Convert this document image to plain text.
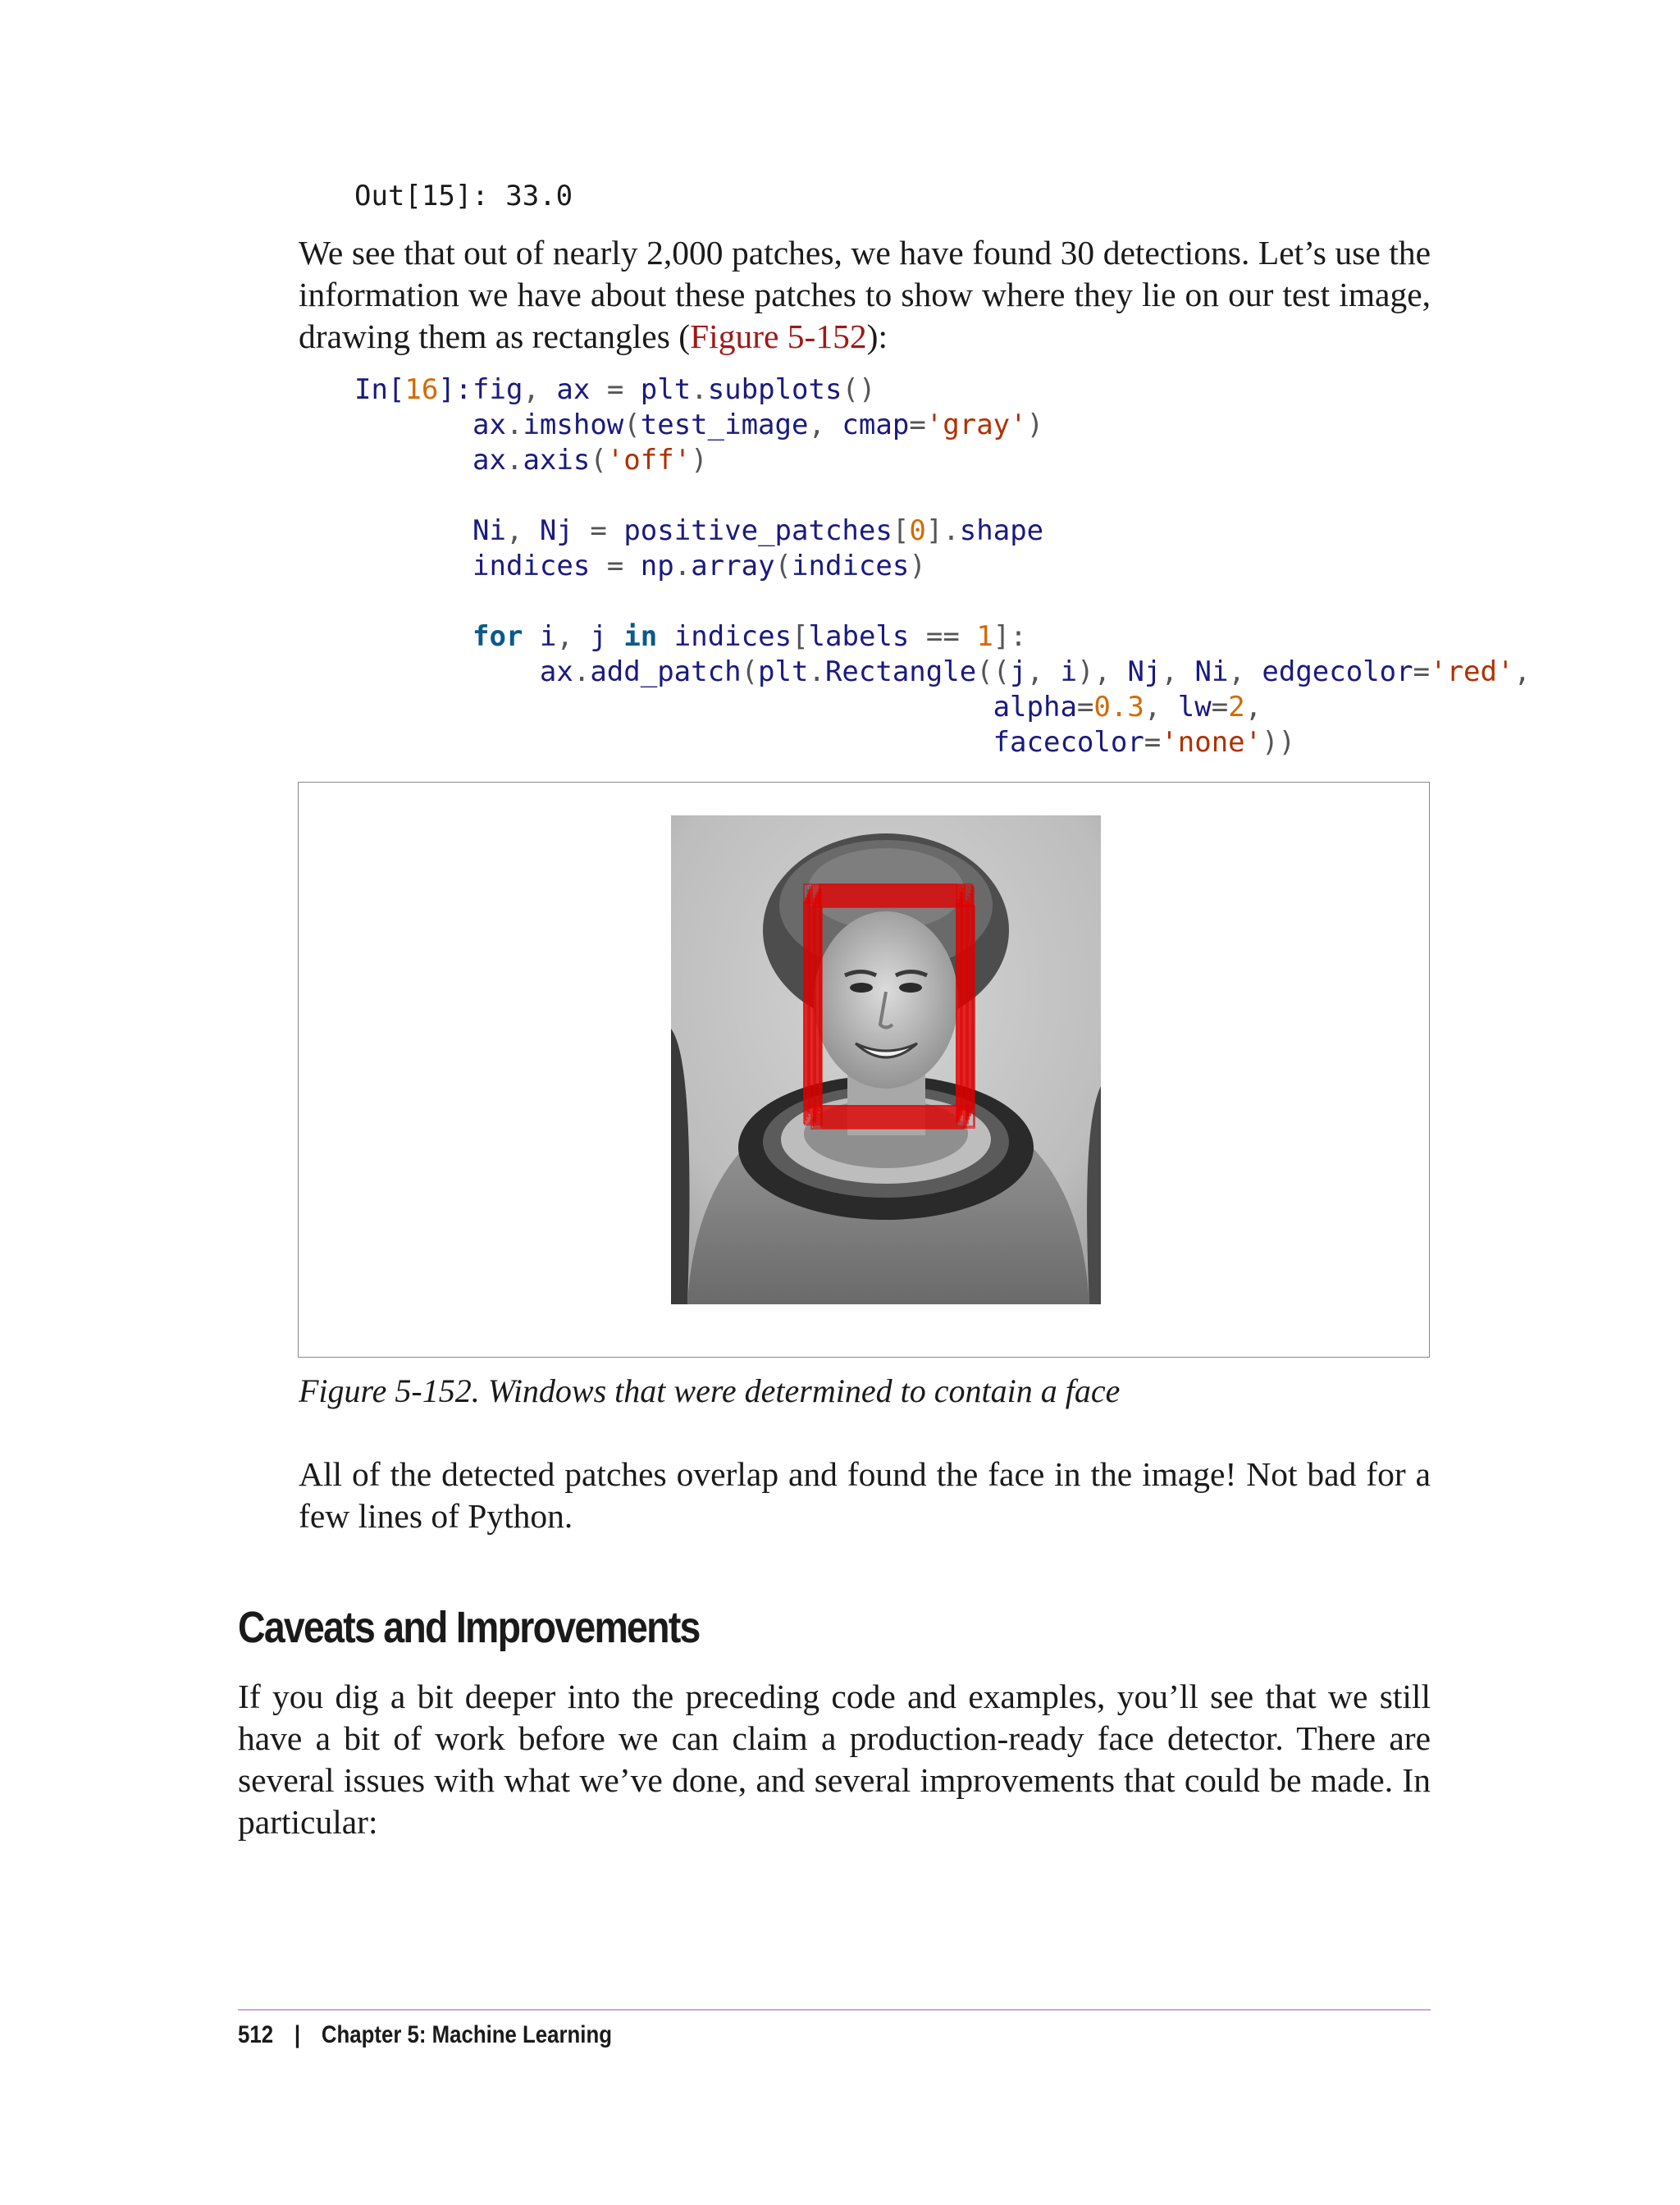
Out[15]: 33.0

We see that out of nearly 2,000 patches, we have found 30 detections. Let’s use the information we have about these patches to show where they lie on our test image, drawing them as rectangles (Figure 5-152):

In[16]: fig, ax = plt.subplots()
ax.imshow(test_image, cmap='gray')
ax.axis('off')

Ni, Nj = positive_patches[0].shape
indices = np.array(indices)

for i, j in indices[labels == 1]:
ax.add_patch(plt.Rectangle((j, i), Nj, Ni, edgecolor='red',
alpha=0.3, lw=2,
facecolor='none'))
Figure 5-152. Windows that were determined to contain a face

All of the detected patches overlap and found the face in the image! Not bad for a few lines of Python.

Caveats and Improvements

If you dig a bit deeper into the preceding code and examples, you’ll see that we still have a bit of work before we can claim a production-ready face detector. There are several issues with what we’ve done, and several improvements that could be made. In particular:

512 | Chapter 5: Machine Learning
